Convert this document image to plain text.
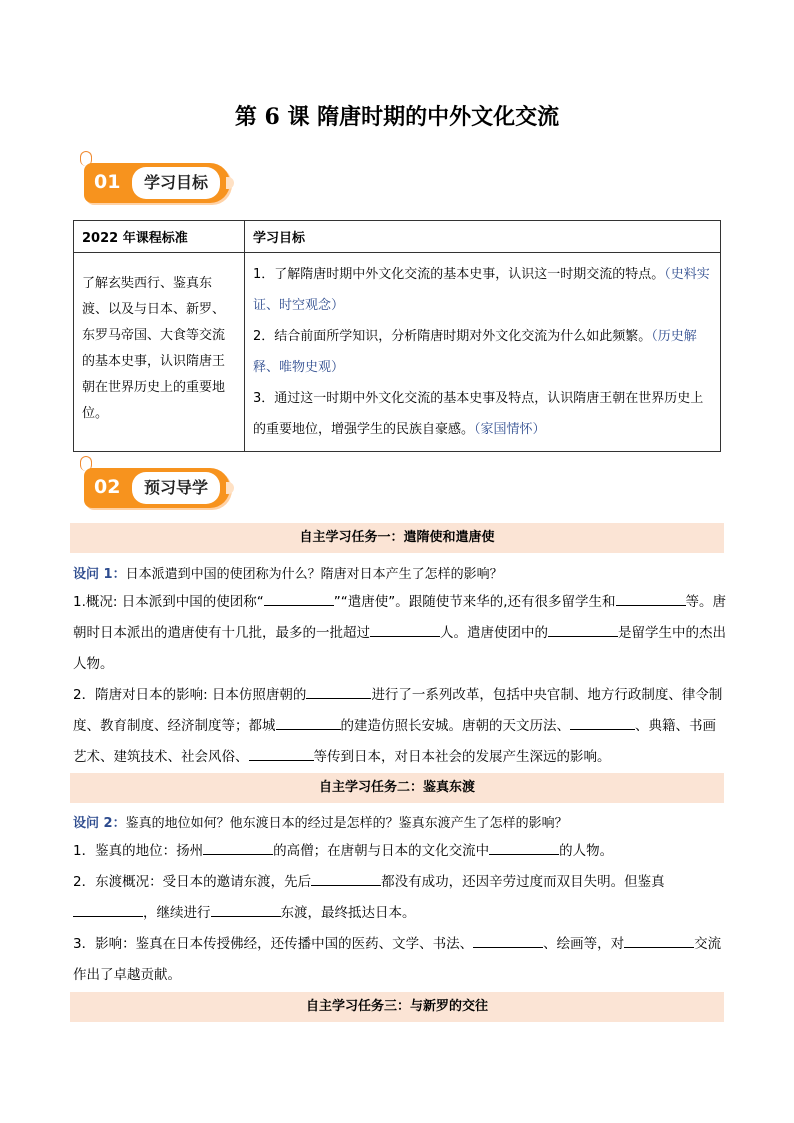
第 6 课 隋唐时期的中外文化交流
01	学习目标
2022 年课程标准	学习目标
了解玄奘西行、鉴真东渡、以及与日本、新罗、东罗马帝国、大食等交流的基本史事，认识隋唐王朝在世界历史上的重要地位。	1．了解隋唐时期中外文化交流的基本史事，认识这一时期交流的特点。（史料实证、时空观念）
2．结合前面所学知识，分析隋唐时期对外文化交流为什么如此频繁。（历史解释、唯物史观）
3．通过这一时期中外文化交流的基本史事及特点，认识隋唐王朝在世界历史上的重要地位，增强学生的民族自豪感。（家国情怀）
02	预习导学
自主学习任务一：遣隋使和遣唐使
设问 1：日本派遣到中国的使团称为什么？隋唐对日本产生了怎样的影响？
1.概况: 日本派到中国的使团称“	”“遣唐使”。跟随使节来华的,还有很多留学生和	等。唐朝时日本派出的遣唐使有十几批，最多的一批超过	人。遣唐使团中的	是留学生中的杰出人物。
2．隋唐对日本的影响: 日本仿照唐朝的	进行了一系列改革，包括中央官制、地方行政制度、律令制度、教育制度、经济制度等；都城	的建造仿照长安城。唐朝的天文历法、	、典籍、书画艺术、建筑技术、社会风俗、	等传到日本，对日本社会的发展产生深远的影响。
自主学习任务二：鉴真东渡
设问 2：鉴真的地位如何？他东渡日本的经过是怎样的？鉴真东渡产生了怎样的影响？
1．鉴真的地位：扬州	的高僧；在唐朝与日本的文化交流中	的人物。
2．东渡概况：受日本的邀请东渡，先后	都没有成功，还因辛劳过度而双目失明。但鉴真，继续进行	东渡，最终抵达日本。
3．影响：鉴真在日本传授佛经，还传播中国的医药、文学、书法、	、绘画等，对	交流作出了卓越贡献。
自主学习任务三：与新罗的交往
